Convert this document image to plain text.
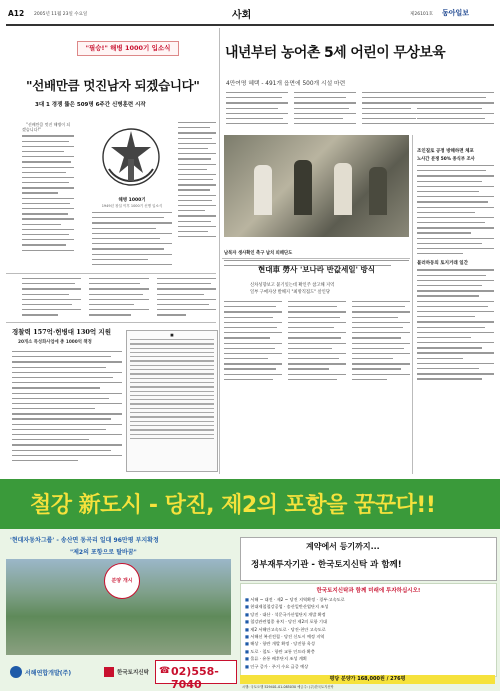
A12 2005년 11월 23일 수요일	사회	제26101호 동아일보
"필승!" 해병 1000기 입소식
"선배만큼 멋진남자 되겠습니다"
3대 1 경쟁 뚫은 509명 6주간 신병훈련 시작

"선배만큼 멋진 해병이 되겠습니다!"

해병 1000기
1949년 창설 이후 1000기 신병 입소식
경찰력 157억·헌병대 130억 지원
20개소 특성화사업에 총 1000억 책정
■
내년부터 농어촌 5세 어린이 무상보육
4만여명 혜택 - 491개 읍면에 500개 시설 마련
남북자 생사확인 촉구 납치 피해단도
조인질로 공정 방해하면 체포
노사간 분쟁 50% 종식부 조사
불러하동의 토지거래 일간
현대車 勞사 '보나라 반값세일' 방식
신차성향보고 붙기잇는데 확인주 참고해 지역
일부 구매자상 발해지 "최방직접도" 살인당
철강 新도시 - 당진, 제2의 포항을 꿈꾼다!!
'현대자동차그룹' - 송산면 동곡리 일대 96만평 부지확정
"제2의 포항으로 탈바꿈"
분양 개시
계약에서 등기까지...
정부재투자기관 - 한국토지신탁 과 함께!
한국토지신탁과 함께 미래에 투자하십시오!
■ 서해 ~ 대전 · 제2 ~ 당진 지역확정 · 경부·고속도로
■ 현대제철철강공업 · 송산일반산업단지 조성
■ 당진 · 대산 · 석문국가산업단지 개발 확정
■ 철강관련업종 유치 · 당진 제2의 포항 기대
■ 제2 서해안고속도로 · 당진-천안 고속도로
■ 서해선 복선전철 · 당진 신도시 예정 지역
■ 해상 · 항만 개발 확정 · 당진항 육성
■ 도로 · 철도 · 항만 교통 인프라 확충
■ 물류 · 유통 배후단지 조성 계획
■ 인구 증가 · 주거 수요 급증 예상
평당 분양가 168,000원 / 276평
시행: 국토오행 529401-01-085030 예금주: (주)한국토지신탁
서해연합개발(주)	한국토지신탁 ☎ 02)558-7040
